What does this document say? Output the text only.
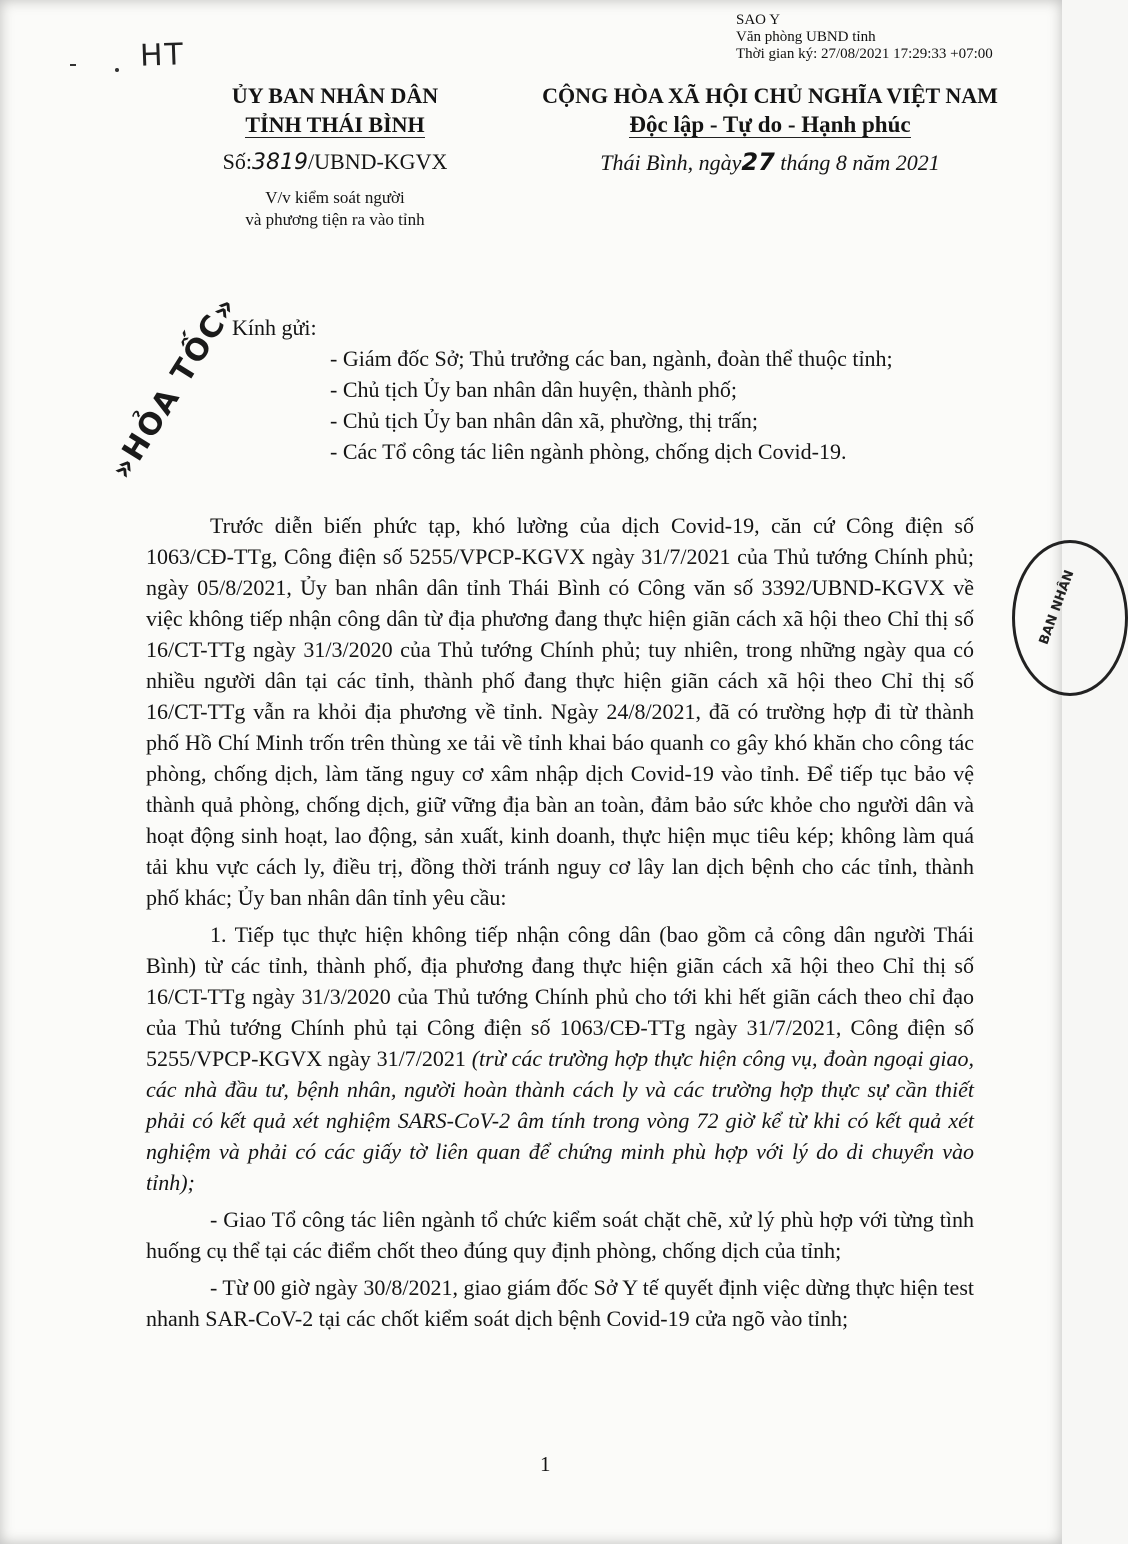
SAO Y
Văn phòng UBND tỉnh
Thời gian ký: 27/08/2021 17:29:33 +07:00
HT
ỦY BAN NHÂN DÂN
TỈNH THÁI BÌNH
Số:3819/UBND-KGVX
V/v kiểm soát người
và phương tiện ra vào tỉnh
CỘNG HÒA XÃ HỘI CHỦ NGHĨA VIỆT NAM
Độc lập - Tự do - Hạnh phúc
Thái Bình, ngày27 tháng 8 năm 2021
»HỎA TỐC»
Kính gửi:
- Giám đốc Sở; Thủ trưởng các ban, ngành, đoàn thể thuộc tỉnh;
- Chủ tịch Ủy ban nhân dân huyện, thành phố;
- Chủ tịch Ủy ban nhân dân xã, phường, thị trấn;
- Các Tổ công tác liên ngành phòng, chống dịch Covid-19.
BAN NHÂN

Trước diễn biến phức tạp, khó lường của dịch Covid-19, căn cứ Công điện số 1063/CĐ-TTg, Công điện số 5255/VPCP-KGVX ngày 31/7/2021 của Thủ tướng Chính phủ; ngày 05/8/2021, Ủy ban nhân dân tỉnh Thái Bình có Công văn số 3392/UBND-KGVX về việc không tiếp nhận công dân từ địa phương đang thực hiện giãn cách xã hội theo Chỉ thị số 16/CT-TTg ngày 31/3/2020 của Thủ tướng Chính phủ; tuy nhiên, trong những ngày qua có nhiều người dân tại các tỉnh, thành phố đang thực hiện giãn cách xã hội theo Chỉ thị số 16/CT-TTg vẫn ra khỏi địa phương về tỉnh. Ngày 24/8/2021, đã có trường hợp đi từ thành phố Hồ Chí Minh trốn trên thùng xe tải về tỉnh khai báo quanh co gây khó khăn cho công tác phòng, chống dịch, làm tăng nguy cơ xâm nhập dịch Covid-19 vào tỉnh. Để tiếp tục bảo vệ thành quả phòng, chống dịch, giữ vững địa bàn an toàn, đảm bảo sức khỏe cho người dân và hoạt động sinh hoạt, lao động, sản xuất, kinh doanh, thực hiện mục tiêu kép; không làm quá tải khu vực cách ly, điều trị, đồng thời tránh nguy cơ lây lan dịch bệnh cho các tỉnh, thành phố khác; Ủy ban nhân dân tỉnh yêu cầu:

1. Tiếp tục thực hiện không tiếp nhận công dân (bao gồm cả công dân người Thái Bình) từ các tỉnh, thành phố, địa phương đang thực hiện giãn cách xã hội theo Chỉ thị số 16/CT-TTg ngày 31/3/2020 của Thủ tướng Chính phủ cho tới khi hết giãn cách theo chỉ đạo của Thủ tướng Chính phủ tại Công điện số 1063/CĐ-TTg ngày 31/7/2021, Công điện số 5255/VPCP-KGVX ngày 31/7/2021 (trừ các trường hợp thực hiện công vụ, đoàn ngoại giao, các nhà đầu tư, bệnh nhân, người hoàn thành cách ly và các trường hợp thực sự cần thiết phải có kết quả xét nghiệm SARS-CoV-2 âm tính trong vòng 72 giờ kể từ khi có kết quả xét nghiệm và phải có các giấy tờ liên quan để chứng minh phù hợp với lý do di chuyển vào tỉnh);

- Giao Tổ công tác liên ngành tổ chức kiểm soát chặt chẽ, xử lý phù hợp với từng tình huống cụ thể tại các điểm chốt theo đúng quy định phòng, chống dịch của tỉnh;

- Từ 00 giờ ngày 30/8/2021, giao giám đốc Sở Y tế quyết định việc dừng thực hiện test nhanh SAR-CoV-2 tại các chốt kiểm soát dịch bệnh Covid-19 cửa ngõ vào tỉnh;

1
